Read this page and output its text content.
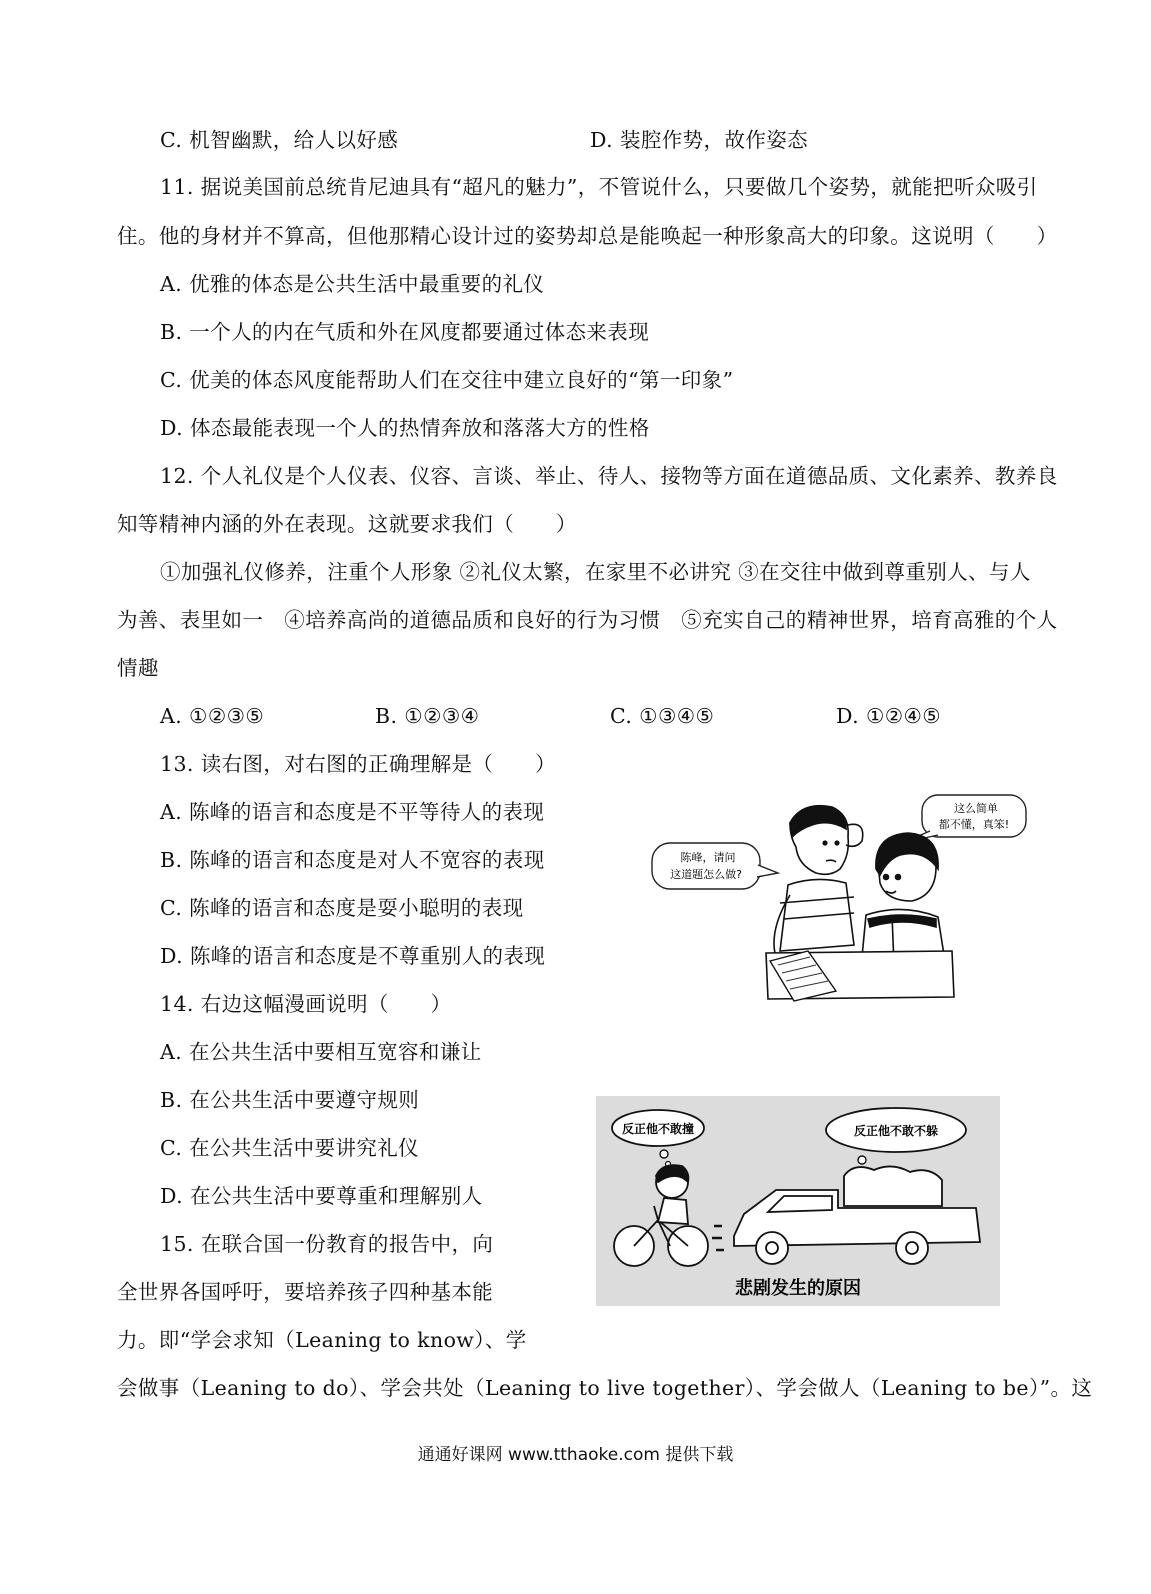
C. 机智幽默，给人以好感	D. 装腔作势，故作姿态
11. 据说美国前总统肯尼迪具有“超凡的魅力”，不管说什么，只要做几个姿势，就能把听众吸引
住。他的身材并不算高，但他那精心设计过的姿势却总是能唤起一种形象高大的印象。这说明（　　）
A. 优雅的体态是公共生活中最重要的礼仪
B. 一个人的内在气质和外在风度都要通过体态来表现
C. 优美的体态风度能帮助人们在交往中建立良好的“第一印象”
D. 体态最能表现一个人的热情奔放和落落大方的性格
12. 个人礼仪是个人仪表、仪容、言谈、举止、待人、接物等方面在道德品质、文化素养、教养良
知等精神内涵的外在表现。这就要求我们（　　）
①加强礼仪修养，注重个人形象 ②礼仪太繁，在家里不必讲究 ③在交往中做到尊重别人、与人
为善、表里如一　④培养高尚的道德品质和良好的行为习惯　⑤充实自己的精神世界，培育高雅的个人
情趣
A. ①②③⑤	B. ①②③④	C. ①③④⑤	D. ①②④⑤
13. 读右图，对右图的正确理解是（　　）
A. 陈峰的语言和态度是不平等待人的表现
B. 陈峰的语言和态度是对人不宽容的表现
C. 陈峰的语言和态度是耍小聪明的表现
D. 陈峰的语言和态度是不尊重别人的表现
陈峰，请问
这道题怎么做?
这么简单
都不懂，真笨!
14. 右边这幅漫画说明（　　）
A. 在公共生活中要相互宽容和谦让
B. 在公共生活中要遵守规则
C. 在公共生活中要讲究礼仪
D. 在公共生活中要尊重和理解别人
反正他不敢撞	反正他不敢不躲
悲剧发生的原因
15. 在联合国一份教育的报告中，向
全世界各国呼吁，要培养孩子四种基本能
力。即“学会求知（Leaning to know）、学
会做事（Leaning to do）、学会共处（Leaning to live together）、学会做人（Leaning to be）”。这
通通好课网 www.tthaoke.com 提供下载
